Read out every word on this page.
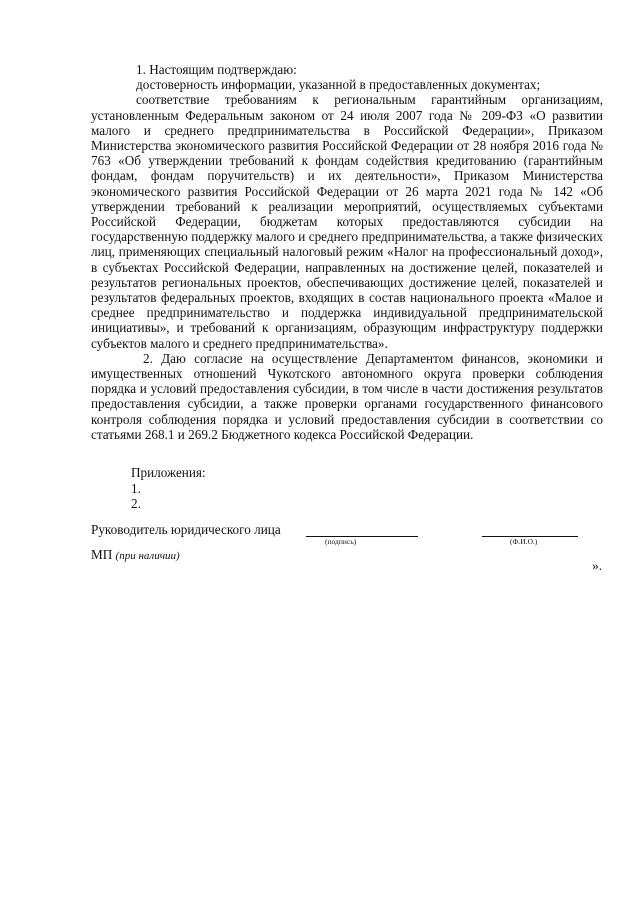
1. Настоящим подтверждаю:

достоверность информации, указанной в предоставленных документах;

соответствие требованиям к региональным гарантийным организациям, установленным Федеральным законом от 24 июля 2007 года № 209-ФЗ «О развитии малого и среднего предпринимательства в Российской Федерации», Приказом Министерства экономического развития Российской Федерации от 28 ноября 2016 года № 763 «Об утверждении требований к фондам содействия кредитованию (гарантийным фондам, фондам поручительств) и их деятельности», Приказом Министерства экономического развития Российской Федерации от 26 марта 2021 года № 142 «Об утверждении требований к реализации мероприятий, осуществляемых субъектами Российской Федерации, бюджетам которых предоставляются субсидии на государственную поддержку малого и среднего предпринимательства, а также физических лиц, применяющих специальный налоговый режим «Налог на профессиональный доход», в субъектах Российской Федерации, направленных на достижение целей, показателей и результатов региональных проектов, обеспечивающих достижение целей, показателей и результатов федеральных проектов, входящих в состав национального проекта «Малое и среднее предпринимательство и поддержка индивидуальной предпринимательской инициативы», и требований к организациям, образующим инфраструктуру поддержки субъектов малого и среднего предпринимательства».

2. Даю согласие на осуществление Департаментом финансов, экономики и имущественных отношений Чукотского автономного округа проверки соблюдения порядка и условий предоставления субсидии, в том числе в части достижения результатов предоставления субсидии, а также проверки органами государственного финансового контроля соблюдения порядка и условий предоставления субсидии в соответствии со статьями 268.1 и 269.2 Бюджетного кодекса Российской Федерации.

Приложения:
1.
2.
Руководитель юридического лица
(подпись)	(Ф.И.О.)
МП (при наличии)
».
